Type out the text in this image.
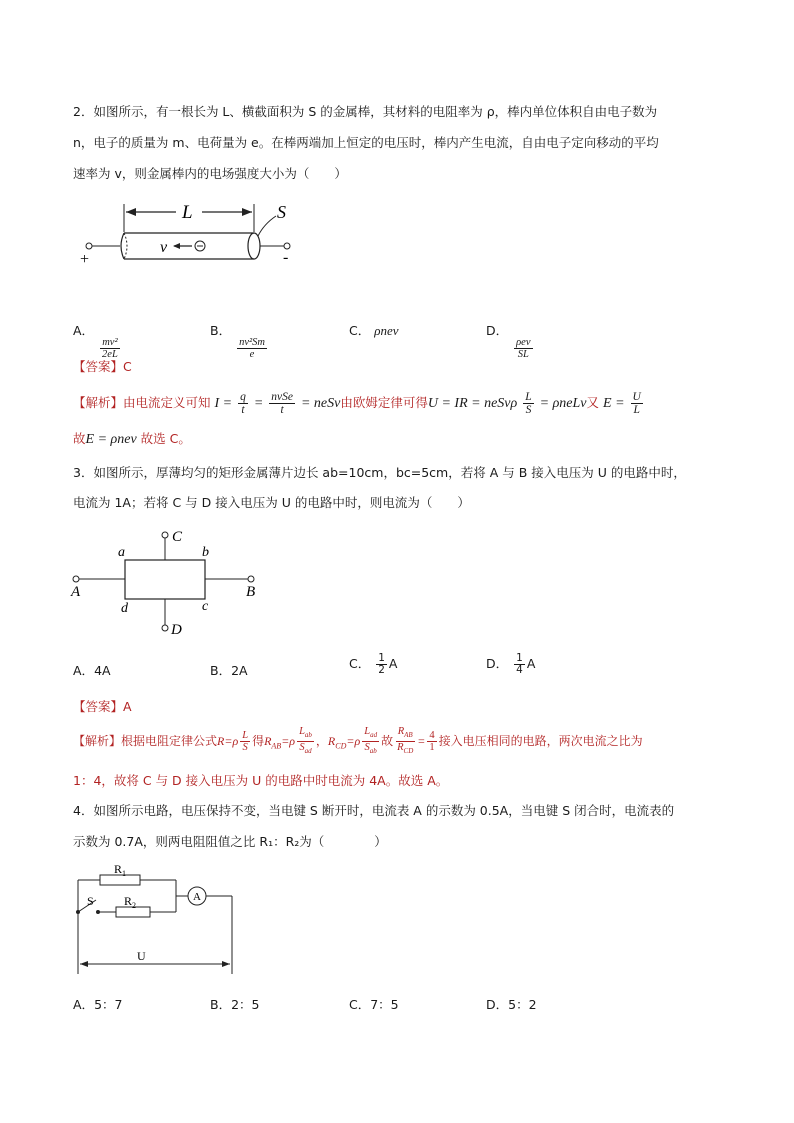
2．如图所示，有一根长为 L、横截面积为 S 的金属棒，其材料的电阻率为 ρ，棒内单位体积自由电子数为
n，电子的质量为 m、电荷量为 e。在棒两端加上恒定的电压时，棒内产生电流，自由电子定向移动的平均
速率为 v，则金属棒内的电场强度大小为（　　）
L	S
v
+	-
A．
$\frac{\text{mv²}}{2eL}$
B．
$\frac{\text{nv²Sm}}{e}$
C． ρnev	D．
$\frac{\text{ρev}}{SL}$
【答案】C
【解析】由电流定义可知 $I = \frac{q}{t} = \frac{\text{nvSe}}{t}$ = neSv由欧姆定律可得U = IR = neSvρ $\frac{L}{S}$ = ρneLv又 $E = \frac{U}{L}$
故E = ρnev 故选 C。
3．如图所示，厚薄均匀的矩形金属薄片边长 ab=10cm，bc=5cm，若将 A 与 B 接入电压为 U 的电路中时，
电流为 1A；若将 C 与 D 接入电压为 U 的电路中时，则电流为（　　）
a	b
c
d
A	B
C
D
A．4A	B．2A	C． $\frac{1}{2}$ A	D． $\frac{1}{4}$ A
【答案】A
【解析】根据电阻定律公式$R=\rho \frac{L}{S}$ 得$R_{AB}=\rho \frac{L_{ab}}{S_{ad}}$ ，$R_{CD}=\rho \frac{L_{ad}}{S_{ab}}$ 故 $\frac{R_{AB}}{R_{CD}} = \frac{4}{1}$ 接入电压相同的电路，两次电流之比为
1：4，故将 C 与 D 接入电压为 U 的电路中时电流为 4A。故选 A。
4．如图所示电路，电压保持不变，当电键 S 断开时，电流表 A 的示数为 0.5A，当电键 S 闭合时，电流表的
示数为 0.7A，则两电阻阻值之比 R₁：R₂为（　　　　）
$R_1$
S	$R_2$
A
U
A．5：7	B．2：5	C．7：5	D．5：2
